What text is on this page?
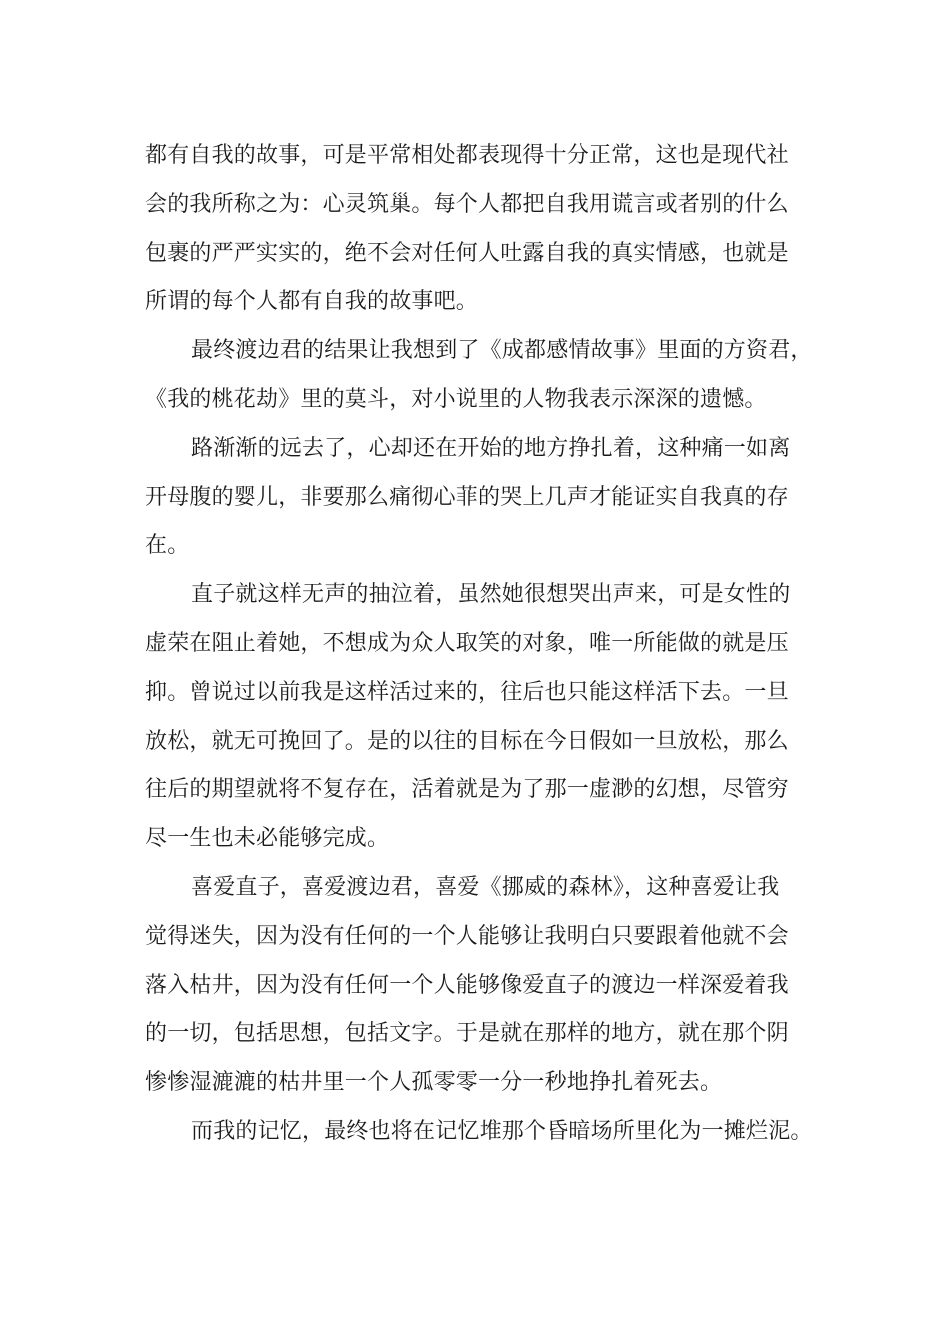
都有自我的故事，可是平常相处都表现得十分正常，这也是现代社
会的我所称之为：心灵筑巢。每个人都把自我用谎言或者别的什么
包裹的严严实实的，绝不会对任何人吐露自我的真实情感，也就是
所谓的每个人都有自我的故事吧。
最终渡边君的结果让我想到了《成都感情故事》里面的方资君，
《我的桃花劫》里的莫斗，对小说里的人物我表示深深的遗憾。
路渐渐的远去了，心却还在开始的地方挣扎着，这种痛一如离
开母腹的婴儿，非要那么痛彻心菲的哭上几声才能证实自我真的存
在。
直子就这样无声的抽泣着，虽然她很想哭出声来，可是女性的
虚荣在阻止着她，不想成为众人取笑的对象，唯一所能做的就是压
抑。曾说过以前我是这样活过来的，往后也只能这样活下去。一旦
放松，就无可挽回了。是的以往的目标在今日假如一旦放松，那么
往后的期望就将不复存在，活着就是为了那一虚渺的幻想，尽管穷
尽一生也未必能够完成。
喜爱直子，喜爱渡边君，喜爱《挪威的森林》，这种喜爱让我
觉得迷失，因为没有任何的一个人能够让我明白只要跟着他就不会
落入枯井，因为没有任何一个人能够像爱直子的渡边一样深爱着我
的一切，包括思想，包括文字。于是就在那样的地方，就在那个阴
惨惨湿漉漉的枯井里一个人孤零零一分一秒地挣扎着死去。
而我的记忆，最终也将在记忆堆那个昏暗场所里化为一摊烂泥。
